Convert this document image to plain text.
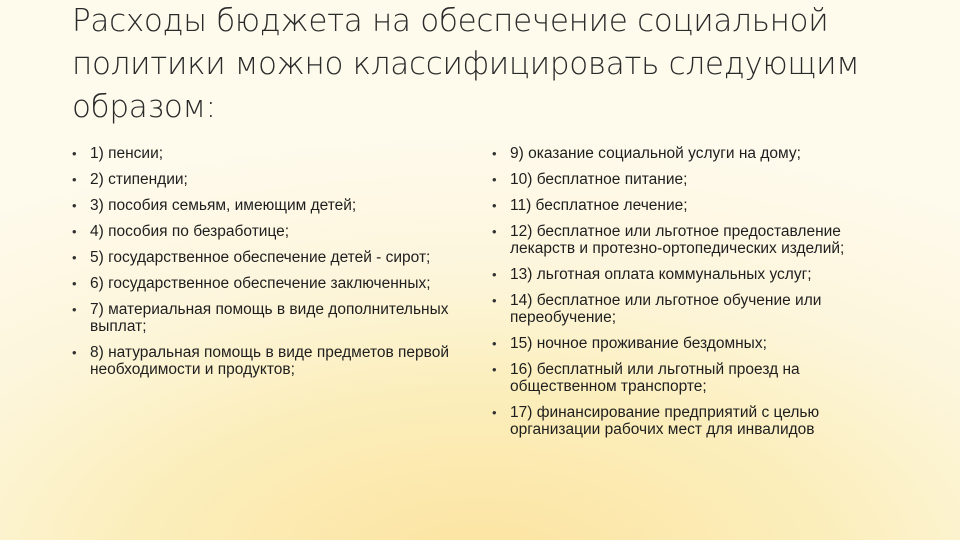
Расходы бюджета на обеспечение социальной политики можно классифицировать следующим образом:
• 1) пенсии;
• 2) стипендии;
• 3) пособия семьям, имеющим детей;
• 4) пособия по безработице;
• 5) государственное обеспечение детей - сирот;
• 6) государственное обеспечение заключенных;
• 7) материальная помощь в виде дополнительных выплат;
• 8) натуральная помощь в виде предметов первой необходимости и продуктов;
• 9) оказание социальной услуги на дому;
• 10) бесплатное питание;
• 11) бесплатное лечение;
• 12) бесплатное или льготное предоставление лекарств и протезно-ортопедических изделий;
• 13) льготная оплата коммунальных услуг;
• 14) бесплатное или льготное обучение или переобучение;
• 15) ночное проживание бездомных;
• 16) бесплатный или льготный проезд на общественном транспорте;
• 17) финансирование предприятий с целью организации рабочих мест для инвалидов
